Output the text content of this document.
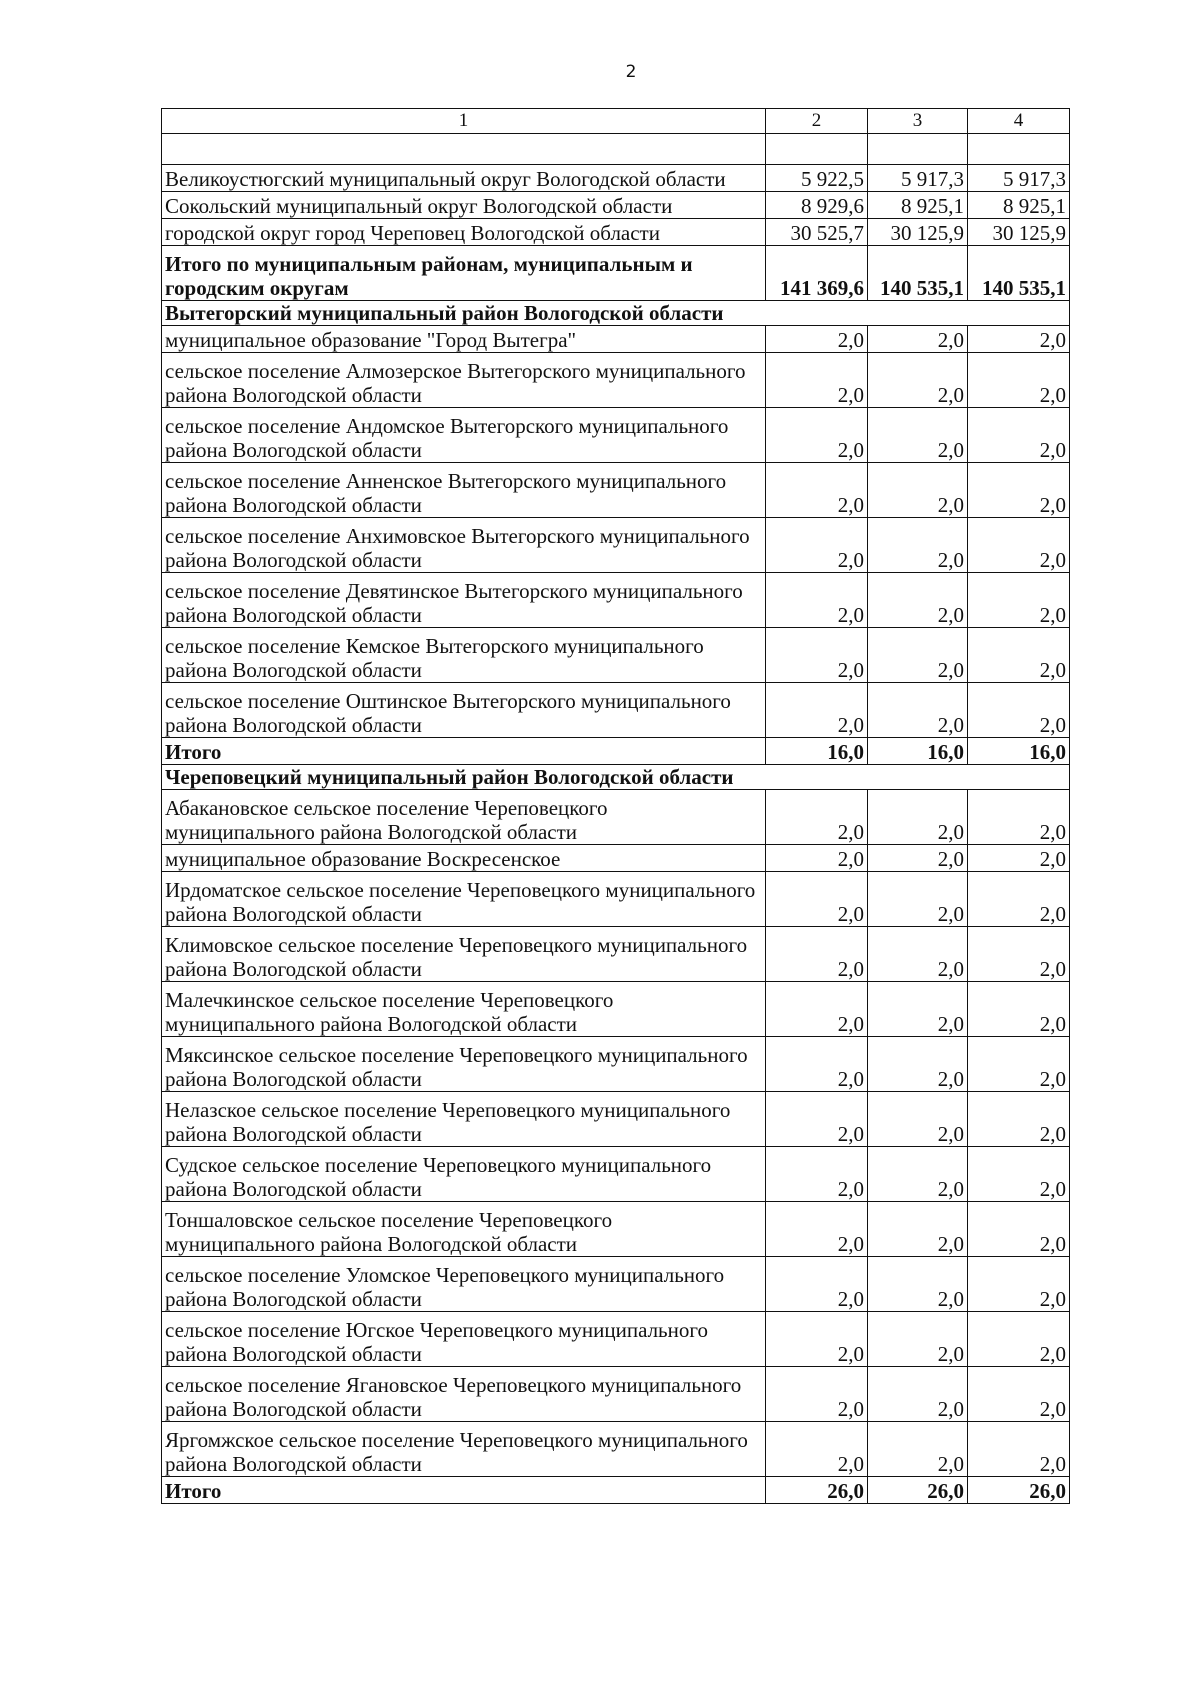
2
1	2	3	4

Великоустюгский муниципальный округ Вологодской области	5 922,5	5 917,3	5 917,3
Сокольский муниципальный округ Вологодской области	8 929,6	8 925,1	8 925,1
городской округ город Череповец Вологодской области	30 525,7	30 125,9	30 125,9
Итого по муниципальным районам, муниципальным и городским округам	141 369,6	140 535,1	140 535,1
Вытегорский муниципальный район Вологодской области			
муниципальное образование "Город Вытегра"	2,0	2,0	2,0
сельское поселение Алмозерское Вытегорского муниципального района Вологодской области	2,0	2,0	2,0
сельское поселение Андомское Вытегорского муниципального района Вологодской области	2,0	2,0	2,0
сельское поселение Анненское Вытегорского муниципального района Вологодской области	2,0	2,0	2,0
сельское поселение Анхимовское Вытегорского муниципального района Вологодской области	2,0	2,0	2,0
сельское поселение Девятинское Вытегорского муниципального района Вологодской области	2,0	2,0	2,0
сельское поселение Кемское Вытегорского муниципального района Вологодской области	2,0	2,0	2,0
сельское поселение Оштинское Вытегорского муниципального района Вологодской области	2,0	2,0	2,0
Итого	16,0	16,0	16,0
Череповецкий муниципальный район Вологодской области			
Абакановское сельское поселение Череповецкого муниципального района Вологодской области	2,0	2,0	2,0
муниципальное образование Воскресенское	2,0	2,0	2,0
Ирдоматское сельское поселение Череповецкого муниципального района Вологодской области	2,0	2,0	2,0
Климовское сельское поселение Череповецкого муниципального района Вологодской области	2,0	2,0	2,0
Малечкинское сельское поселение Череповецкого муниципального района Вологодской области	2,0	2,0	2,0
Мяксинское сельское поселение Череповецкого муниципального района Вологодской области	2,0	2,0	2,0
Нелазское сельское поселение Череповецкого муниципального района Вологодской области	2,0	2,0	2,0
Судское сельское поселение Череповецкого муниципального района Вологодской области	2,0	2,0	2,0
Тоншаловское сельское поселение Череповецкого муниципального района Вологодской области	2,0	2,0	2,0
сельское поселение Уломское Череповецкого муниципального района Вологодской области	2,0	2,0	2,0
сельское поселение Югское Череповецкого муниципального района Вологодской области	2,0	2,0	2,0
сельское поселение Ягановское Череповецкого муниципального района Вологодской области	2,0	2,0	2,0
Яргомжское сельское поселение Череповецкого муниципального района Вологодской области	2,0	2,0	2,0
Итого	26,0	26,0	26,0
